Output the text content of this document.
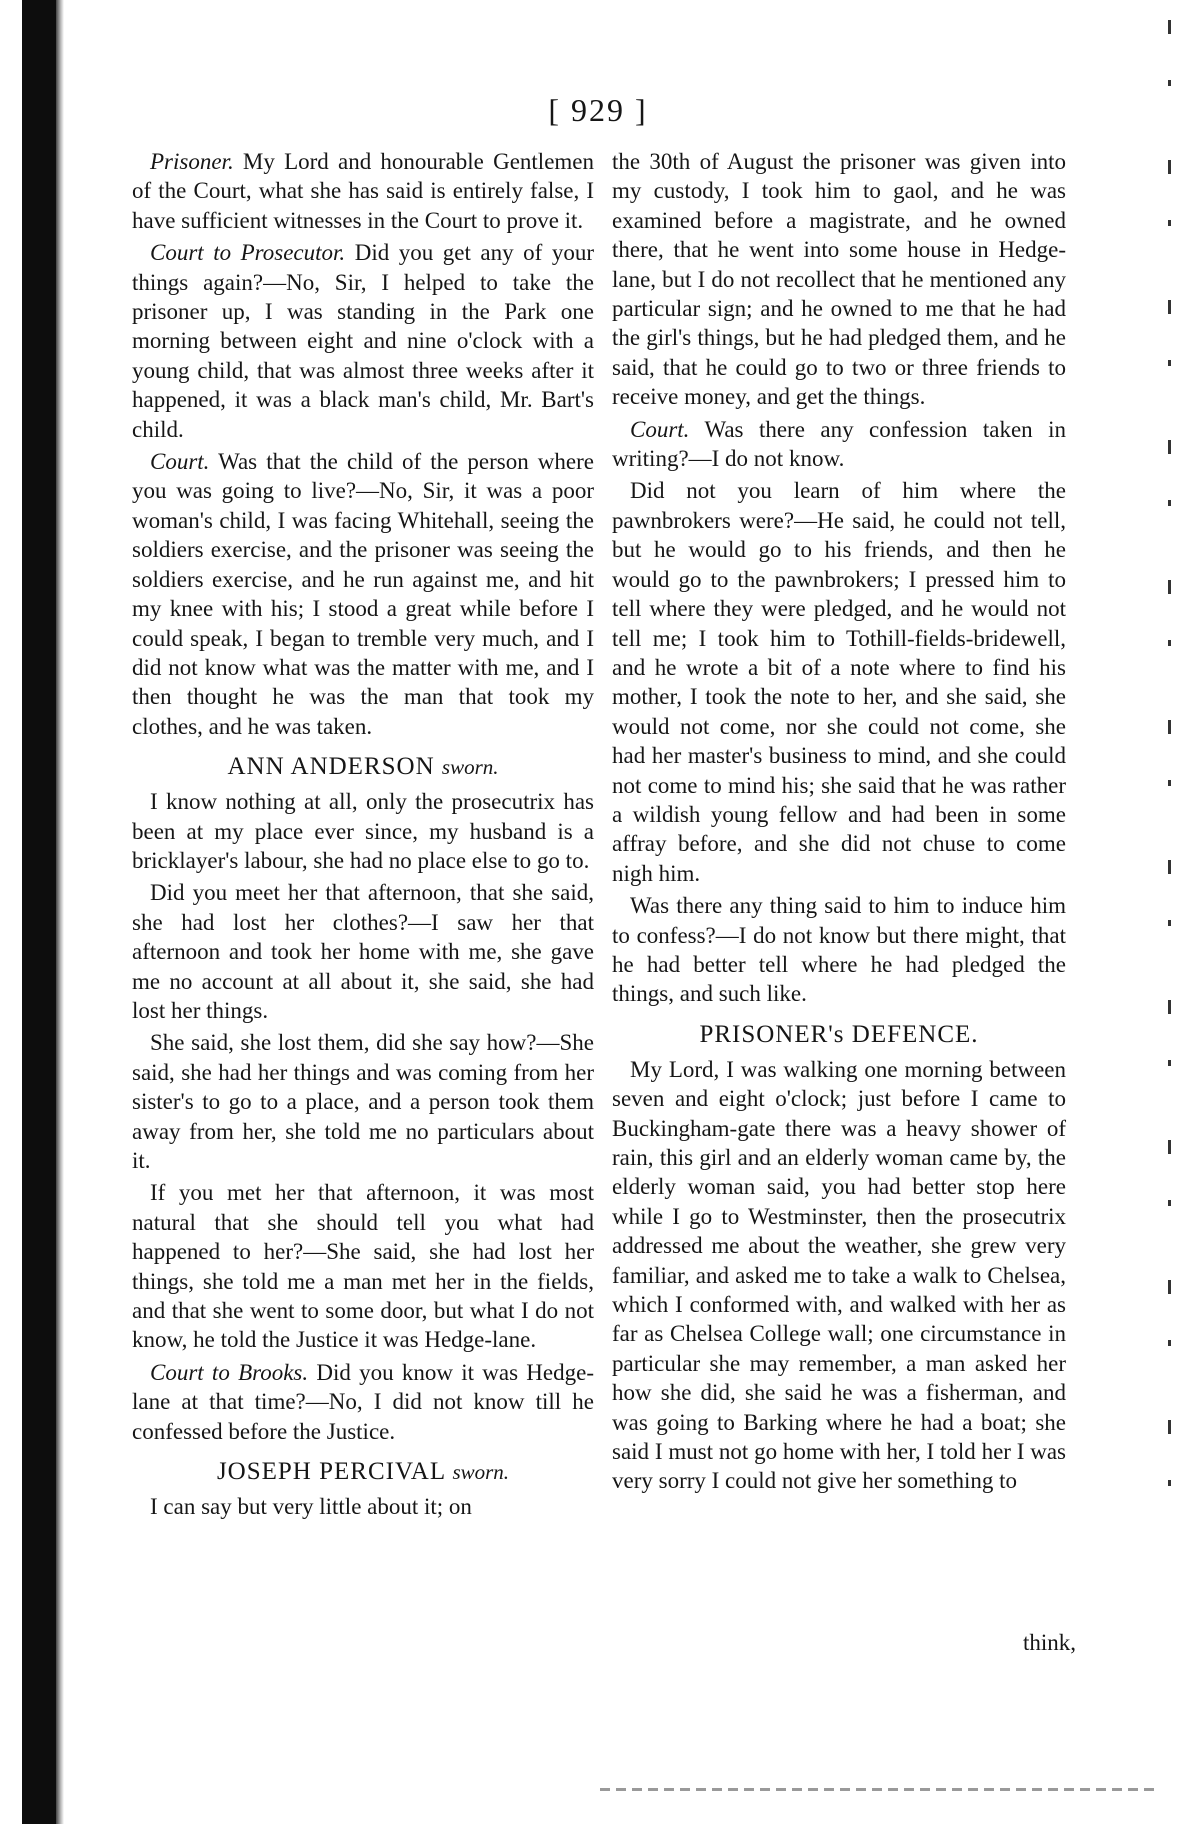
[ 929 ]

Prisoner. My Lord and honourable Gentlemen of the Court, what she has said is entirely false, I have sufficient witnesses in the Court to prove it.

Court to Prosecutor. Did you get any of your things again?—No, Sir, I helped to take the prisoner up, I was standing in the Park one morning between eight and nine o'clock with a young child, that was almost three weeks after it happened, it was a black man's child, Mr. Bart's child.

Court. Was that the child of the person where you was going to live?—No, Sir, it was a poor woman's child, I was facing Whitehall, seeing the soldiers exercise, and the prisoner was seeing the soldiers exercise, and he run against me, and hit my knee with his; I stood a great while before I could speak, I began to tremble very much, and I did not know what was the matter with me, and I then thought he was the man that took my clothes, and he was taken.

ANN ANDERSON sworn.

I know nothing at all, only the prosecutrix has been at my place ever since, my husband is a bricklayer's labour, she had no place else to go to.

Did you meet her that afternoon, that she said, she had lost her clothes?—I saw her that afternoon and took her home with me, she gave me no account at all about it, she said, she had lost her things.

She said, she lost them, did she say how?—She said, she had her things and was coming from her sister's to go to a place, and a person took them away from her, she told me no particulars about it.

If you met her that afternoon, it was most natural that she should tell you what had happened to her?—She said, she had lost her things, she told me a man met her in the fields, and that she went to some door, but what I do not know, he told the Justice it was Hedge-lane.

Court to Brooks. Did you know it was Hedge-lane at that time?—No, I did not know till he confessed before the Justice.

JOSEPH PERCIVAL sworn.

I can say but very little about it; on

the 30th of August the prisoner was given into my custody, I took him to gaol, and he was examined before a magistrate, and he owned there, that he went into some house in Hedge-lane, but I do not recollect that he mentioned any particular sign; and he owned to me that he had the girl's things, but he had pledged them, and he said, that he could go to two or three friends to receive money, and get the things.

Court. Was there any confession taken in writing?—I do not know.

Did not you learn of him where the pawnbrokers were?—He said, he could not tell, but he would go to his friends, and then he would go to the pawnbrokers; I pressed him to tell where they were pledged, and he would not tell me; I took him to Tothill-fields-bridewell, and he wrote a bit of a note where to find his mother, I took the note to her, and she said, she would not come, nor she could not come, she had her master's business to mind, and she could not come to mind his; she said that he was rather a wildish young fellow and had been in some affray before, and she did not chuse to come nigh him.

Was there any thing said to him to induce him to confess?—I do not know but there might, that he had better tell where he had pledged the things, and such like.

PRISONER's DEFENCE.

My Lord, I was walking one morning between seven and eight o'clock; just before I came to Buckingham-gate there was a heavy shower of rain, this girl and an elderly woman came by, the elderly woman said, you had better stop here while I go to Westminster, then the prosecutrix addressed me about the weather, she grew very familiar, and asked me to take a walk to Chelsea, which I conformed with, and walked with her as far as Chelsea College wall; one circumstance in particular she may remember, a man asked her how she did, she said he was a fisherman, and was going to Barking where he had a boat; she said I must not go home with her, I told her I was very sorry I could not give her something to

think,
